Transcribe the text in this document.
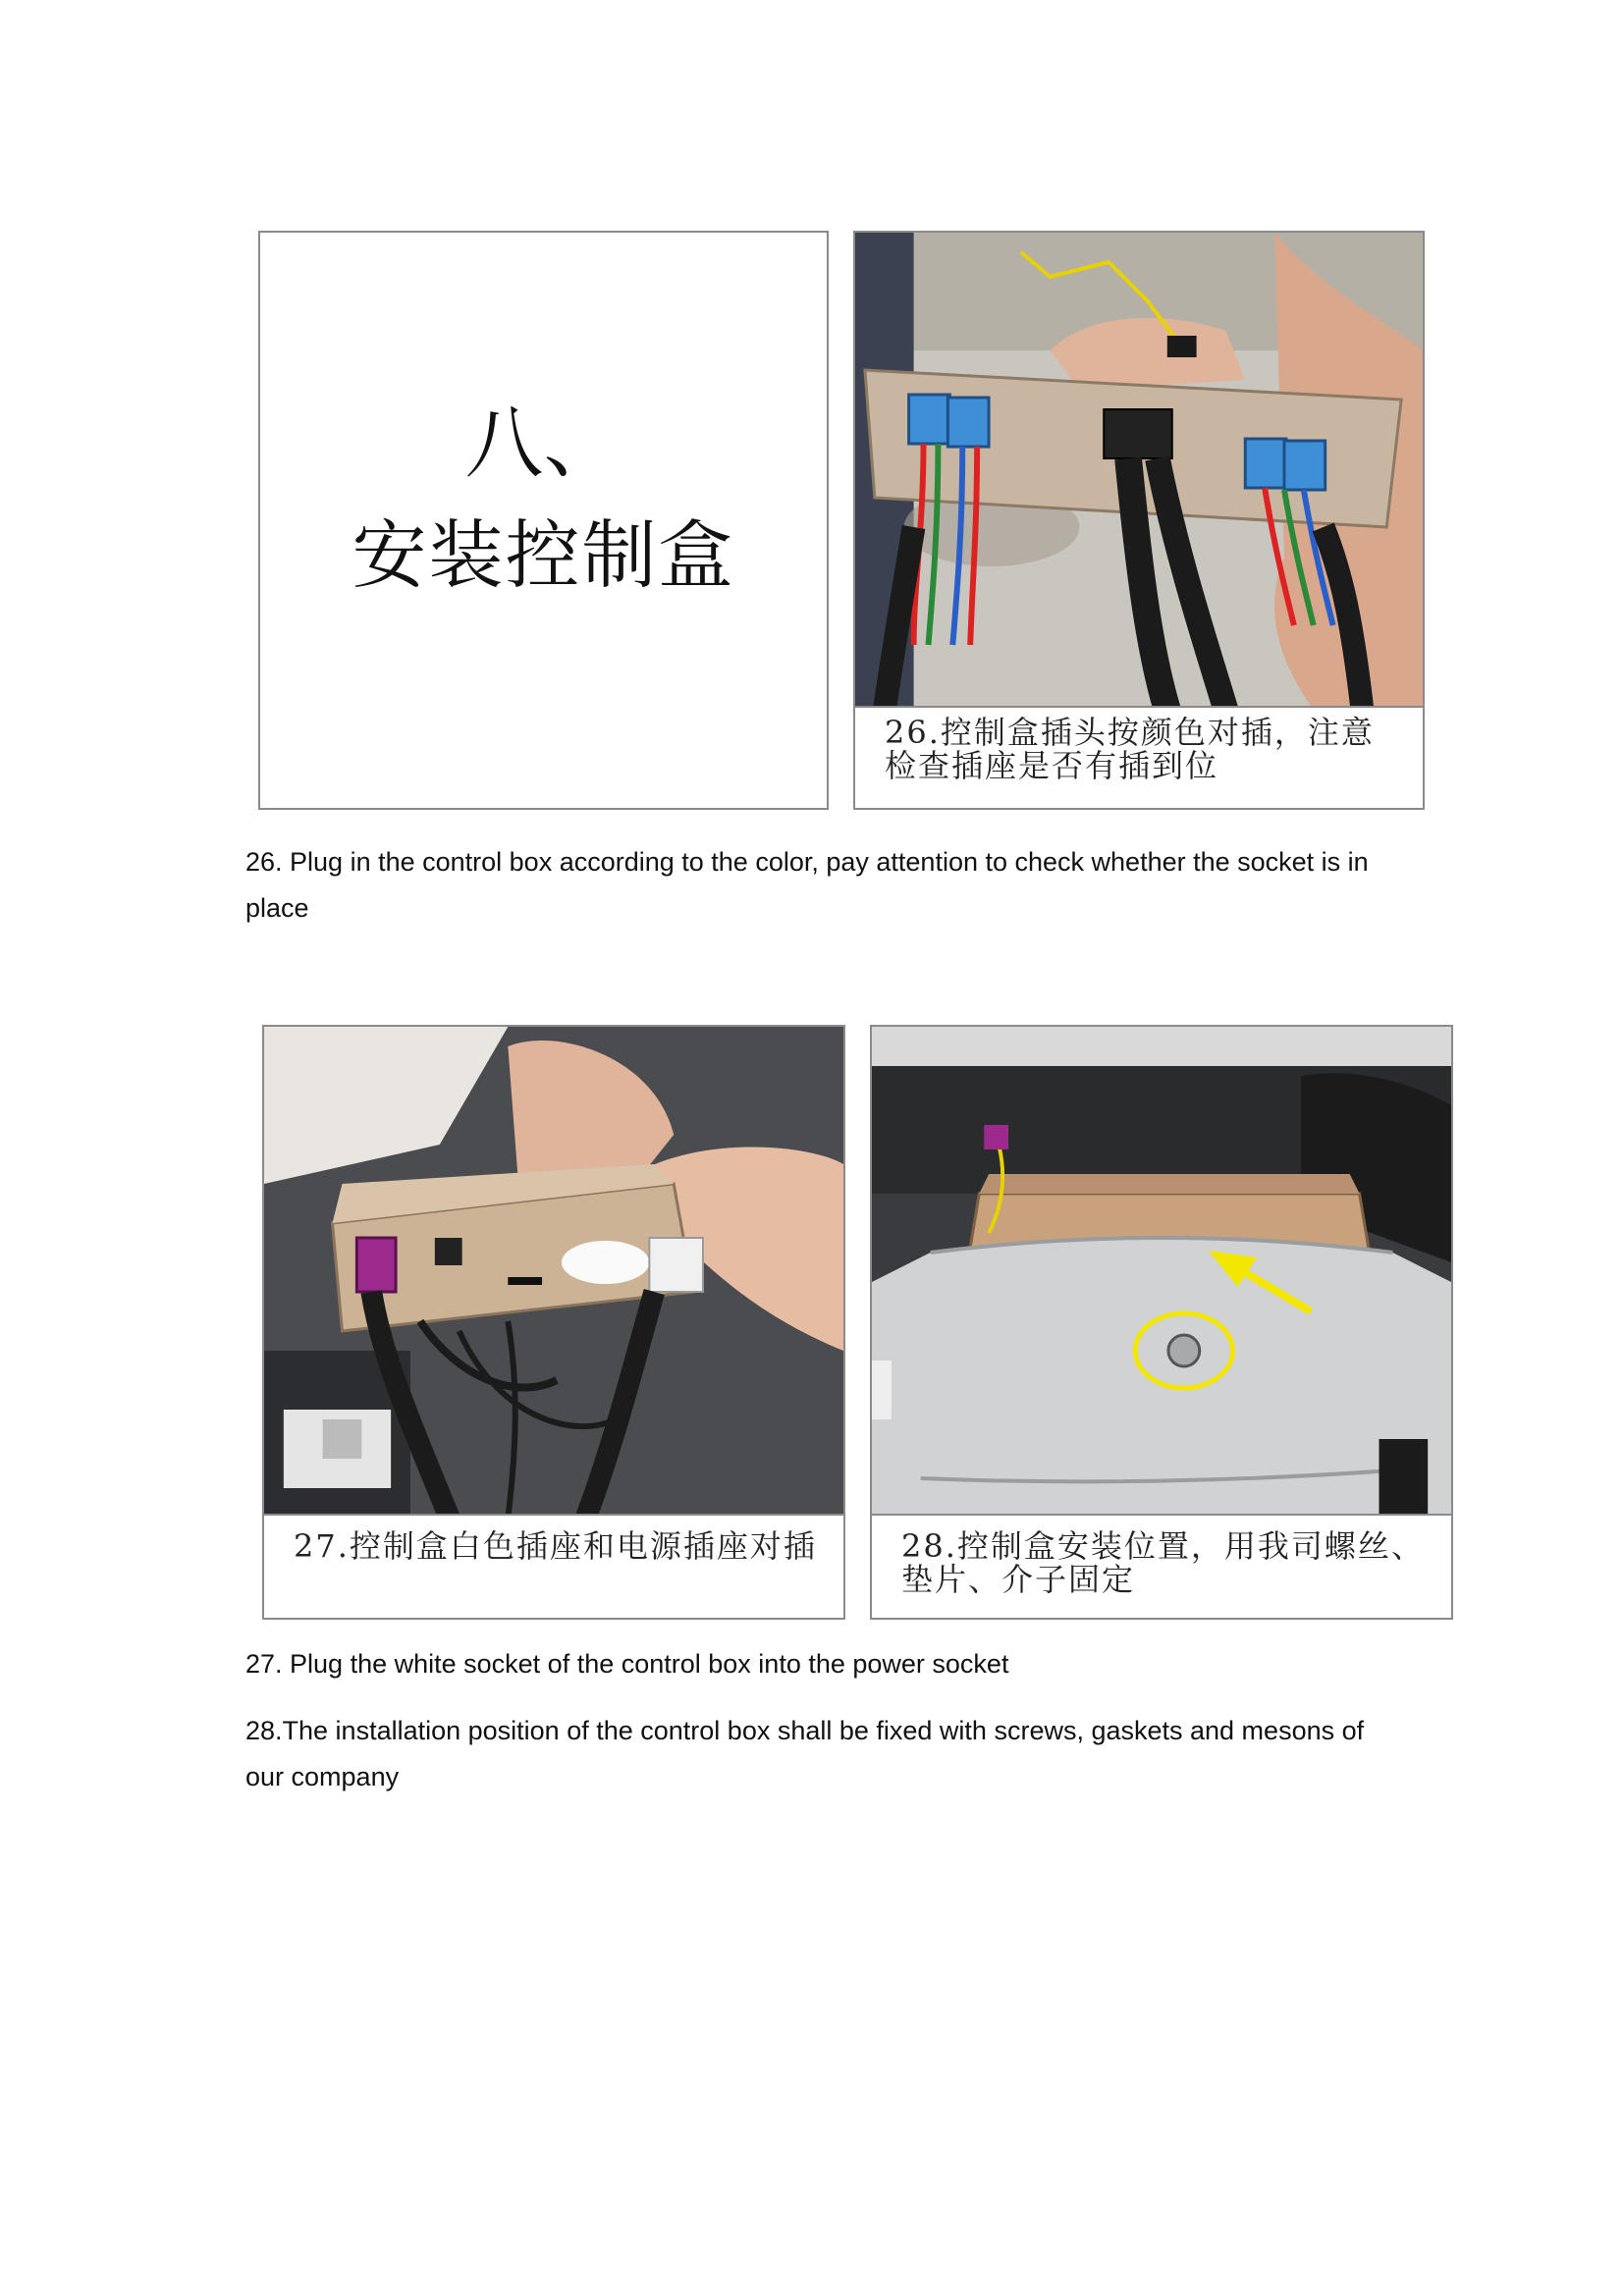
八、
安装控制盒
26.控制盒插头按颜色对插，注意
检查插座是否有插到位
26. Plug in the control box according to the color, pay attention to check whether the socket is in place
27.控制盒白色插座和电源插座对插	28.控制盒安装位置，用我司螺丝、
垫片、介子固定
27. Plug the white socket of the control box into the power socket
28.The installation position of the control box shall be fixed with screws, gaskets and mesons of our company
